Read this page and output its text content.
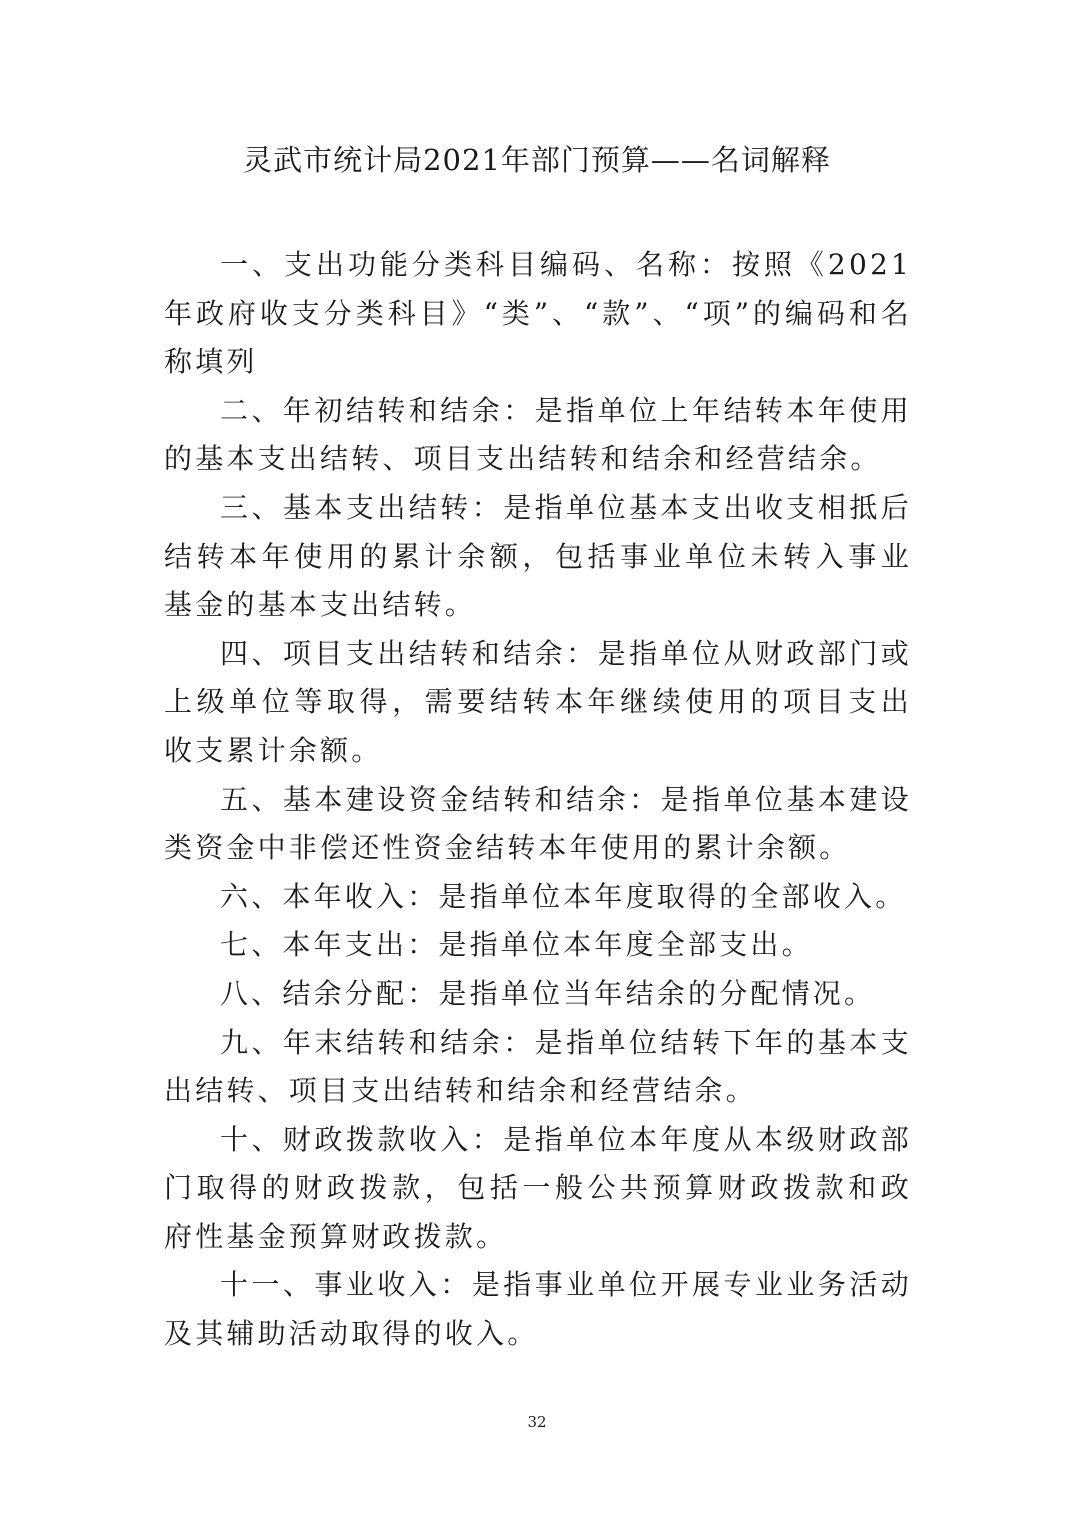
灵武市统计局2021年部门预算——名词解释

一、支出功能分类科目编码、名称：按照《2021年政府收支分类科目》“类”、“款”、“项”的编码和名称填列

二、年初结转和结余：是指单位上年结转本年使用的基本支出结转、项目支出结转和结余和经营结余。

三、基本支出结转：是指单位基本支出收支相抵后结转本年使用的累计余额，包括事业单位未转入事业基金的基本支出结转。

四、项目支出结转和结余：是指单位从财政部门或上级单位等取得，需要结转本年继续使用的项目支出收支累计余额。

五、基本建设资金结转和结余：是指单位基本建设类资金中非偿还性资金结转本年使用的累计余额。

六、本年收入：是指单位本年度取得的全部收入。

七、本年支出：是指单位本年度全部支出。

八、结余分配：是指单位当年结余的分配情况。

九、年末结转和结余：是指单位结转下年的基本支出结转、项目支出结转和结余和经营结余。

十、财政拨款收入：是指单位本年度从本级财政部门取得的财政拨款，包括一般公共预算财政拨款和政府性基金预算财政拨款。

十一、事业收入：是指事业单位开展专业业务活动及其辅助活动取得的收入。

32
